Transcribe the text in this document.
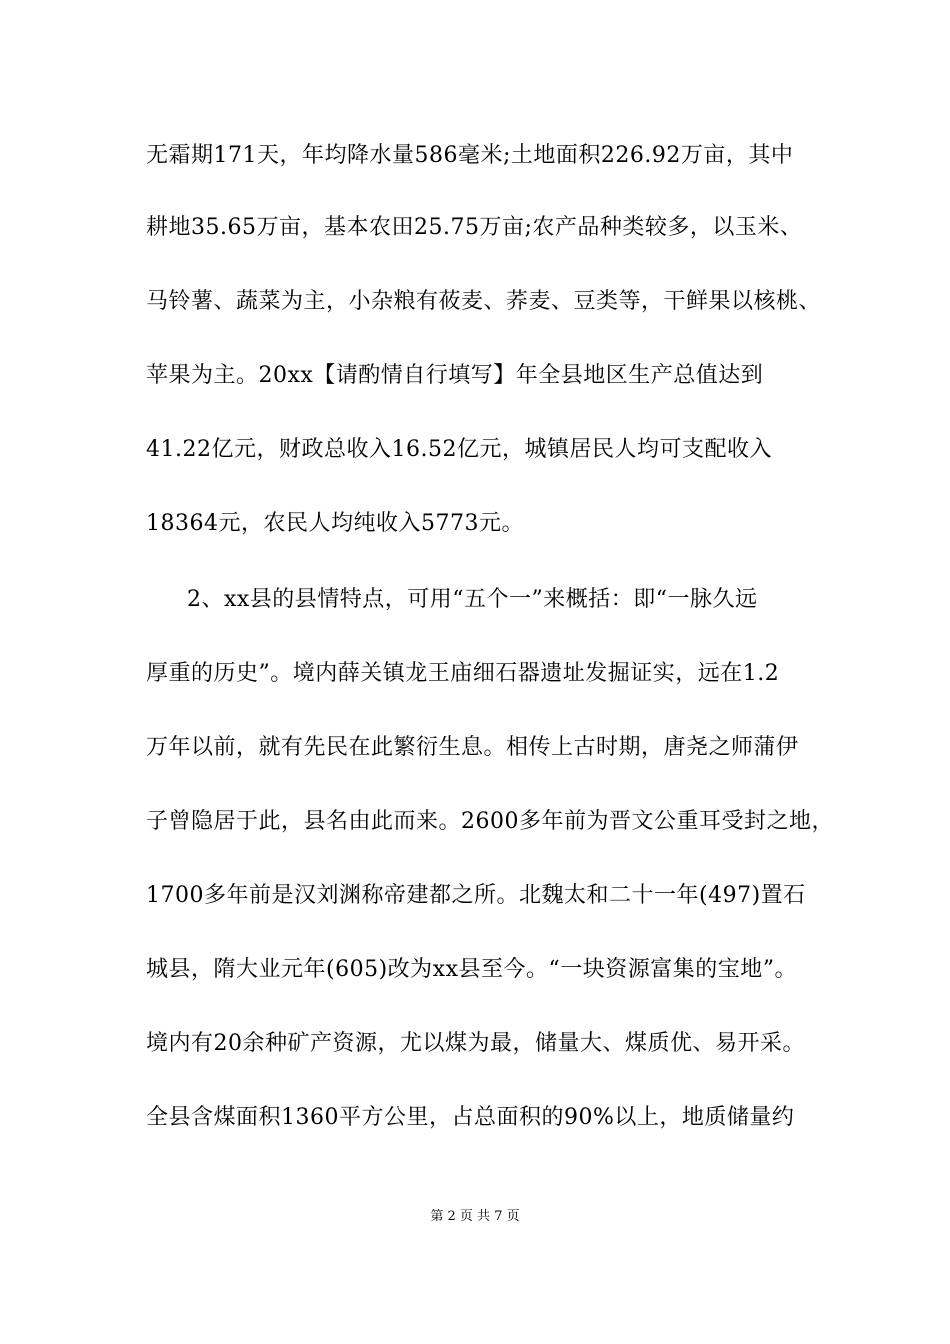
无霜期171天，年均降水量586毫米;土地面积226.92万亩，其中
耕地35.65万亩，基本农田25.75万亩;农产品种类较多，以玉米、
马铃薯、蔬菜为主，小杂粮有莜麦、荞麦、豆类等，干鲜果以核桃、
苹果为主。20xx【请酌情自行填写】年全县地区生产总值达到
41.22亿元，财政总收入16.52亿元，城镇居民人均可支配收入
18364元，农民人均纯收入5773元。
2、xx县的县情特点，可用“五个一”来概括：即“一脉久远
厚重的历史”。境内薛关镇龙王庙细石器遗址发掘证实，远在1.2
万年以前，就有先民在此繁衍生息。相传上古时期，唐尧之师蒲伊
子曾隐居于此，县名由此而来。2600多年前为晋文公重耳受封之地，
1700多年前是汉刘渊称帝建都之所。北魏太和二十一年(497)置石
城县，隋大业元年(605)改为xx县至今。“一块资源富集的宝地”。
境内有20余种矿产资源，尤以煤为最，储量大、煤质优、易开采。
全县含煤面积1360平方公里，占总面积的90%以上，地质储量约
第 2 页 共 7 页
